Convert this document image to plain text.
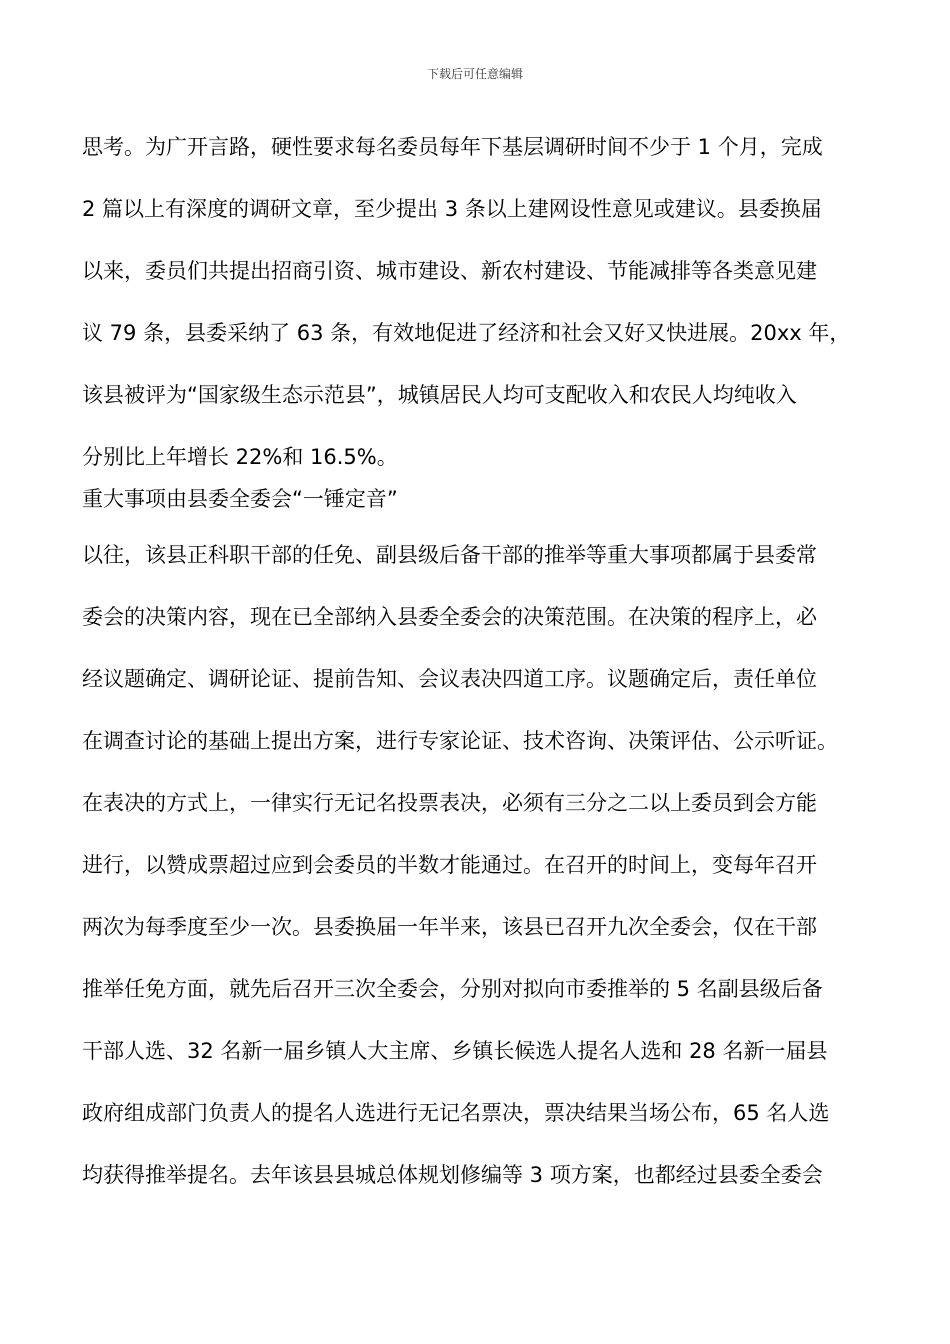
下载后可任意编辑
思考。为广开言路，硬性要求每名委员每年下基层调研时间不少于 1 个月，完成
2 篇以上有深度的调研文章，至少提出 3 条以上建网设性意见或建议。县委换届
以来，委员们共提出招商引资、城市建设、新农村建设、节能减排等各类意见建
议 79 条，县委采纳了 63 条，有效地促进了经济和社会又好又快进展。20xx 年，
该县被评为“国家级生态示范县”，城镇居民人均可支配收入和农民人均纯收入
分别比上年增长 22%和 16.5%。
重大事项由县委全委会“一锤定音”
以往，该县正科职干部的任免、副县级后备干部的推举等重大事项都属于县委常
委会的决策内容，现在已全部纳入县委全委会的决策范围。在决策的程序上，必
经议题确定、调研论证、提前告知、会议表决四道工序。议题确定后，责任单位
在调查讨论的基础上提出方案，进行专家论证、技术咨询、决策评估、公示听证。
在表决的方式上，一律实行无记名投票表决，必须有三分之二以上委员到会方能
进行，以赞成票超过应到会委员的半数才能通过。在召开的时间上，变每年召开
两次为每季度至少一次。县委换届一年半来，该县已召开九次全委会，仅在干部
推举任免方面，就先后召开三次全委会，分别对拟向市委推举的 5 名副县级后备
干部人选、32 名新一届乡镇人大主席、乡镇长候选人提名人选和 28 名新一届县
政府组成部门负责人的提名人选进行无记名票决，票决结果当场公布，65 名人选
均获得推举提名。去年该县县城总体规划修编等 3 项方案，也都经过县委全委会
